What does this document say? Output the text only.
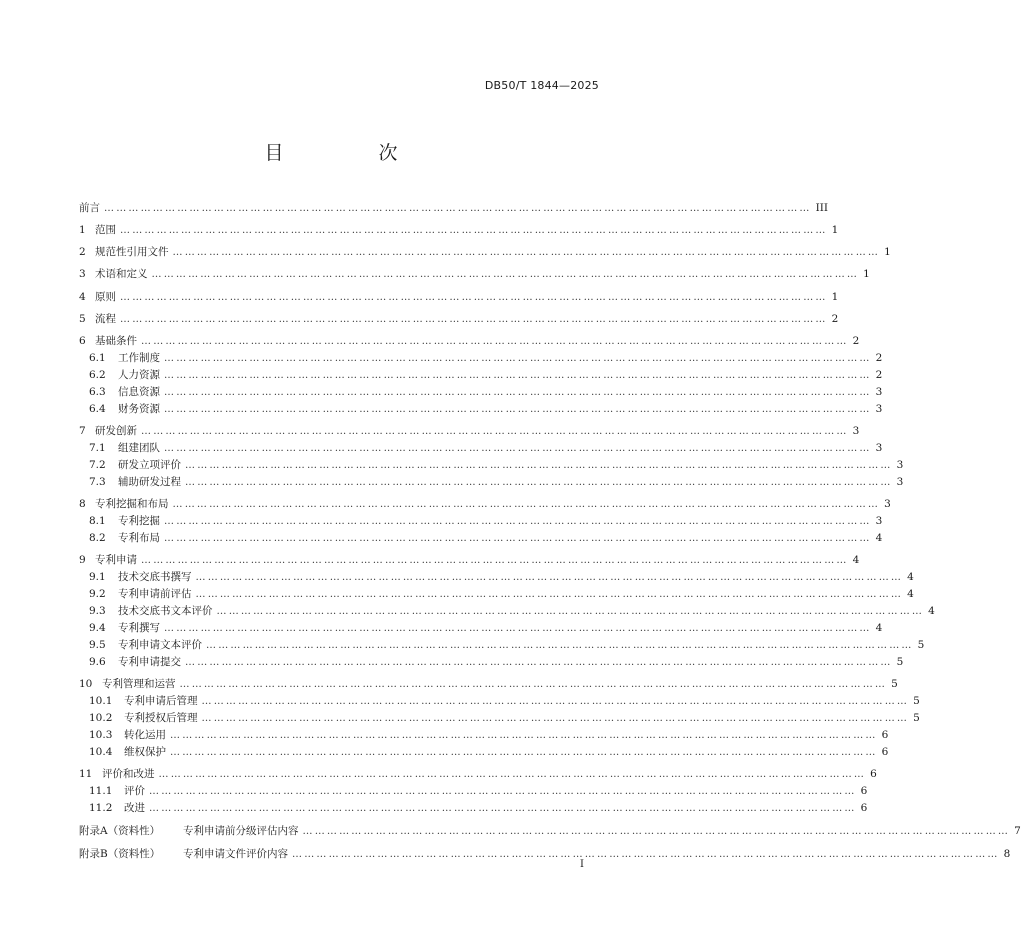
DB50/T 1844—2025
目　次
前言 ………………………………………………………………………………………………………………………………………………………… III
1 范围 ………………………………………………………………………………………………………………………………………………………… 1
2 规范性引用文件 ………………………………………………………………………………………………………………………………………………………… 1
3 术语和定义 ………………………………………………………………………………………………………………………………………………………… 1
4 原则 ………………………………………………………………………………………………………………………………………………………… 1
5 流程 ………………………………………………………………………………………………………………………………………………………… 2
6 基础条件 ………………………………………………………………………………………………………………………………………………………… 2
6.1	工作制度 ………………………………………………………………………………………………………………………………………………………… 2
6.2	人力资源 ………………………………………………………………………………………………………………………………………………………… 2
6.3	信息资源 ………………………………………………………………………………………………………………………………………………………… 3
6.4	财务资源 ………………………………………………………………………………………………………………………………………………………… 3
7 研发创新 ………………………………………………………………………………………………………………………………………………………… 3
7.1	组建团队 ………………………………………………………………………………………………………………………………………………………… 3
7.2	研发立项评价 ………………………………………………………………………………………………………………………………………………………… 3
7.3	辅助研发过程 ………………………………………………………………………………………………………………………………………………………… 3
8 专利挖掘和布局 ………………………………………………………………………………………………………………………………………………………… 3
8.1	专利挖掘 ………………………………………………………………………………………………………………………………………………………… 3
8.2	专利布局 ………………………………………………………………………………………………………………………………………………………… 4
9 专利申请 ………………………………………………………………………………………………………………………………………………………… 4
9.1	技术交底书撰写 ………………………………………………………………………………………………………………………………………………………… 4
9.2	专利申请前评估 ………………………………………………………………………………………………………………………………………………………… 4
9.3	技术交底书文本评价 ………………………………………………………………………………………………………………………………………………………… 4
9.4	专利撰写 ………………………………………………………………………………………………………………………………………………………… 4
9.5	专利申请文本评价 ………………………………………………………………………………………………………………………………………………………… 5
9.6	专利申请提交 ………………………………………………………………………………………………………………………………………………………… 5
10 专利管理和运营 ………………………………………………………………………………………………………………………………………………………… 5
10.1	专利申请后管理 ………………………………………………………………………………………………………………………………………………………… 5
10.2	专利授权后管理 ………………………………………………………………………………………………………………………………………………………… 5
10.3	转化运用 ………………………………………………………………………………………………………………………………………………………… 6
10.4	维权保护 ………………………………………………………………………………………………………………………………………………………… 6
11 评价和改进 ………………………………………………………………………………………………………………………………………………………… 6
11.1	评价 ………………………………………………………………………………………………………………………………………………………… 6
11.2	改进 ………………………………………………………………………………………………………………………………………………………… 6
附录A（资料性）	专利申请前分级评估内容 ………………………………………………………………………………………………………………………………………………………… 7
附录B（资料性）	专利申请文件评价内容 ………………………………………………………………………………………………………………………………………………………… 8
I
